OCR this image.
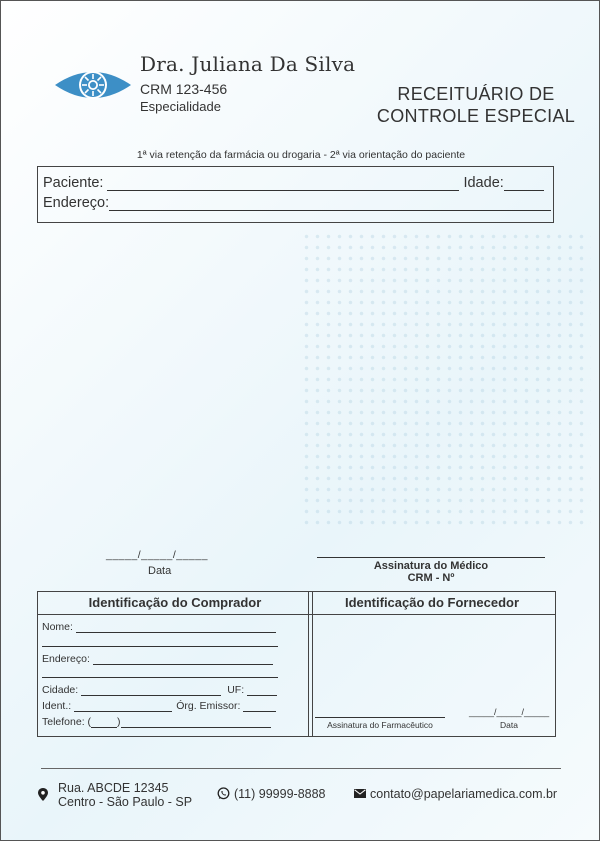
Dra. Juliana Da Silva
CRM 123-456
Especialidade
RECEITUÁRIO DE
CONTROLE ESPECIAL
1ª via retenção da farmácia ou drogaria - 2ª via orientação do paciente
Paciente:	Idade:
Endereço:
_____/_____/_____
Data	Assinatura do Médico
CRM - Nº
Identificação do Comprador
Nome:
Endereço:
Cidade:	UF:
Ident.:	Órg. Emissor:
Telefone: ( )
Identificação do Fornecedor
Assinatura do Farmacêutico
_____/_____/_____
Data
Rua. ABCDE 12345
Centro - São Paulo - SP
(11) 99999-8888	contato@papelariamedica.com.br
